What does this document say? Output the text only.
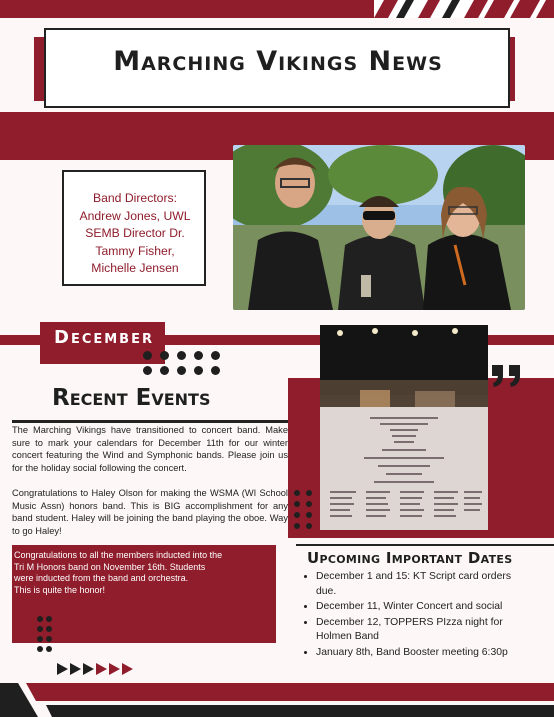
Marching Vikings News
Band Directors:
Andrew Jones, UWL
SEMB Director Dr.
Tammy Fisher,
Michelle Jensen
December
Recent Events
The Marching Vikings have transitioned to concert band. Make sure to mark your calendars for December 11th for our winter concert featuring the Wind and Symphonic bands. Please join us for the holiday social following the concert.
Congratulations to Haley Olson for making the WSMA (WI School Music Assn) honors band. This is BIG accomplishment for any band student. Haley will be joining the band playing the oboe. Way to go Haley!
Congratulations to all the members inducted into the
Tri M Honors band on November 16th. Students
were inducted from the band and orchestra.
This is quite the honor!
Upcoming Important Dates
• December 1 and 15: KT Script card orders due.
• December 11, Winter Concert and social
• December 12, TOPPERS PIzza night for Holmen Band
• January 8th, Band Booster meeting 6:30p
